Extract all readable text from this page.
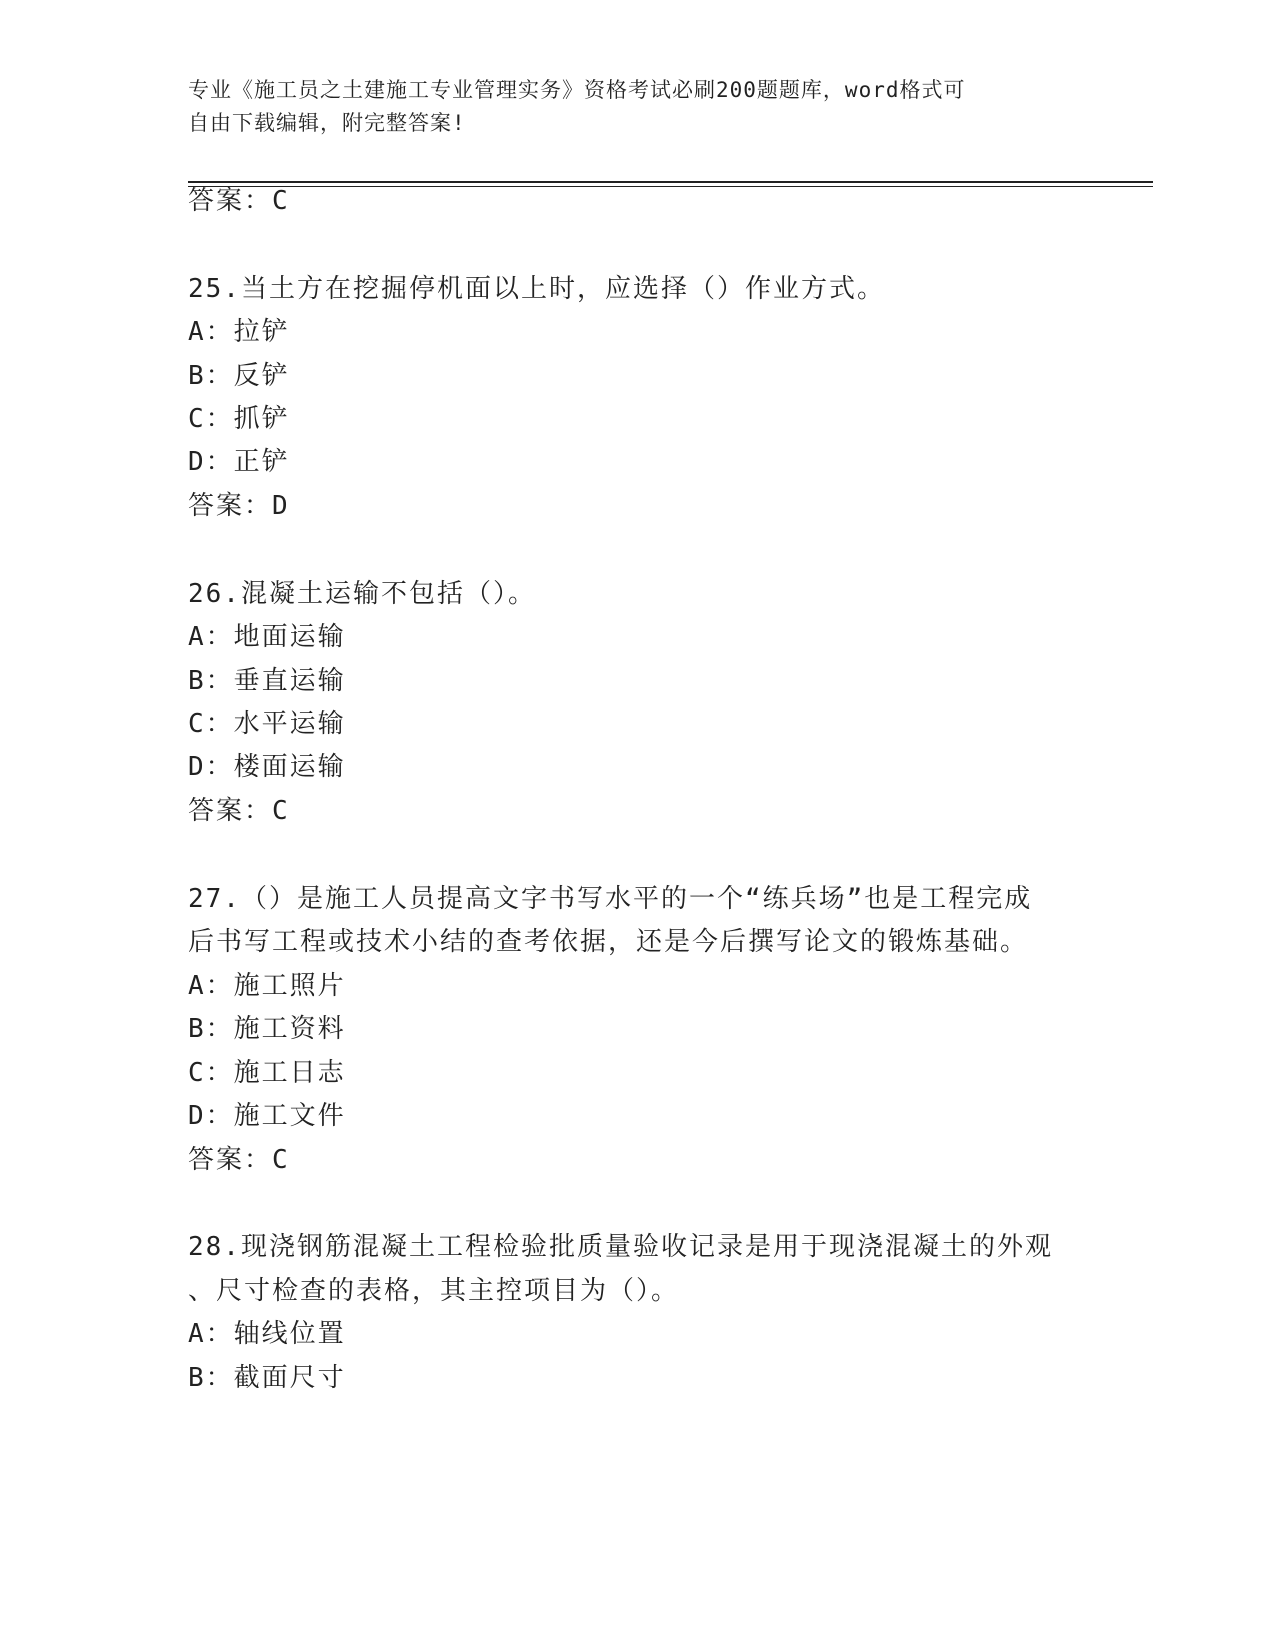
专业《施工员之土建施工专业管理实务》资格考试必刷200题题库，word格式可
自由下载编辑，附完整答案!
答案：C
25.当土方在挖掘停机面以上时，应选择（）作业方式。
A：拉铲
B：反铲
C：抓铲
D：正铲
答案：D
26.混凝土运输不包括（）。
A：地面运输
B：垂直运输
C：水平运输
D：楼面运输
答案：C
27.（）是施工人员提高文字书写水平的一个“练兵场”也是工程完成
后书写工程或技术小结的查考依据，还是今后撰写论文的锻炼基础。
A：施工照片
B：施工资料
C：施工日志
D：施工文件
答案：C
28.现浇钢筋混凝土工程检验批质量验收记录是用于现浇混凝土的外观
、尺寸检查的表格，其主控项目为（）。
A：轴线位置
B：截面尺寸
